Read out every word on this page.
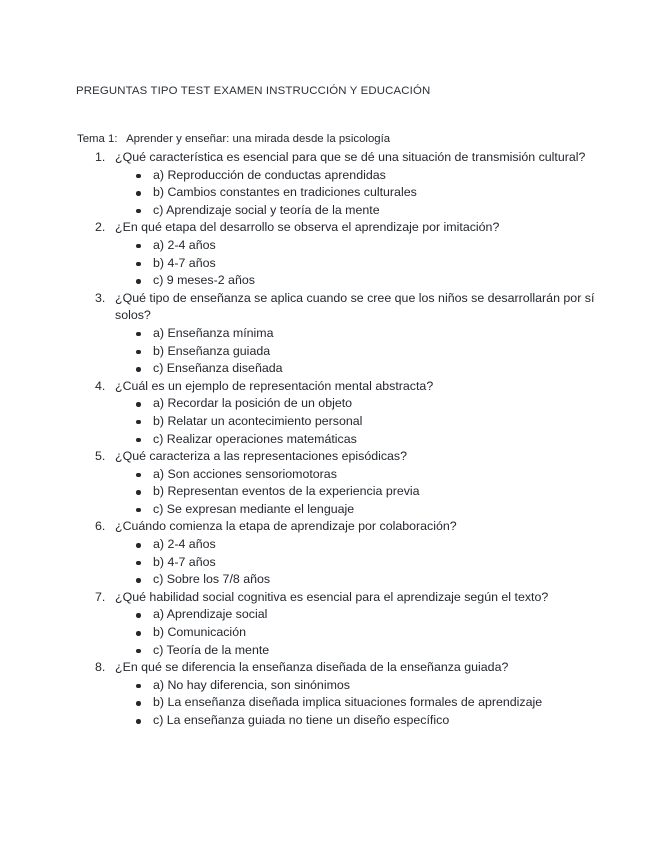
PREGUNTAS TIPO TEST EXAMEN INSTRUCCIÓN Y EDUCACIÓN
Tema 1: Aprender y enseñar: una mirada desde la psicología
1. ¿Qué característica es esencial para que se dé una situación de transmisión cultural?
a) Reproducción de conductas aprendidas
b) Cambios constantes en tradiciones culturales
c) Aprendizaje social y teoría de la mente
2. ¿En qué etapa del desarrollo se observa el aprendizaje por imitación?
a) 2-4 años
b) 4-7 años
c) 9 meses-2 años
3. ¿Qué tipo de enseñanza se aplica cuando se cree que los niños se desarrollarán por sí solos?
a) Enseñanza mínima
b) Enseñanza guiada
c) Enseñanza diseñada
4. ¿Cuál es un ejemplo de representación mental abstracta?
a) Recordar la posición de un objeto
b) Relatar un acontecimiento personal
c) Realizar operaciones matemáticas
5. ¿Qué caracteriza a las representaciones episódicas?
a) Son acciones sensoriomotoras
b) Representan eventos de la experiencia previa
c) Se expresan mediante el lenguaje
6. ¿Cuándo comienza la etapa de aprendizaje por colaboración?
a) 2-4 años
b) 4-7 años
c) Sobre los 7/8 años
7. ¿Qué habilidad social cognitiva es esencial para el aprendizaje según el texto?
a) Aprendizaje social
b) Comunicación
c) Teoría de la mente
8. ¿En qué se diferencia la enseñanza diseñada de la enseñanza guiada?
a) No hay diferencia, son sinónimos
b) La enseñanza diseñada implica situaciones formales de aprendizaje
c) La enseñanza guiada no tiene un diseño específico
